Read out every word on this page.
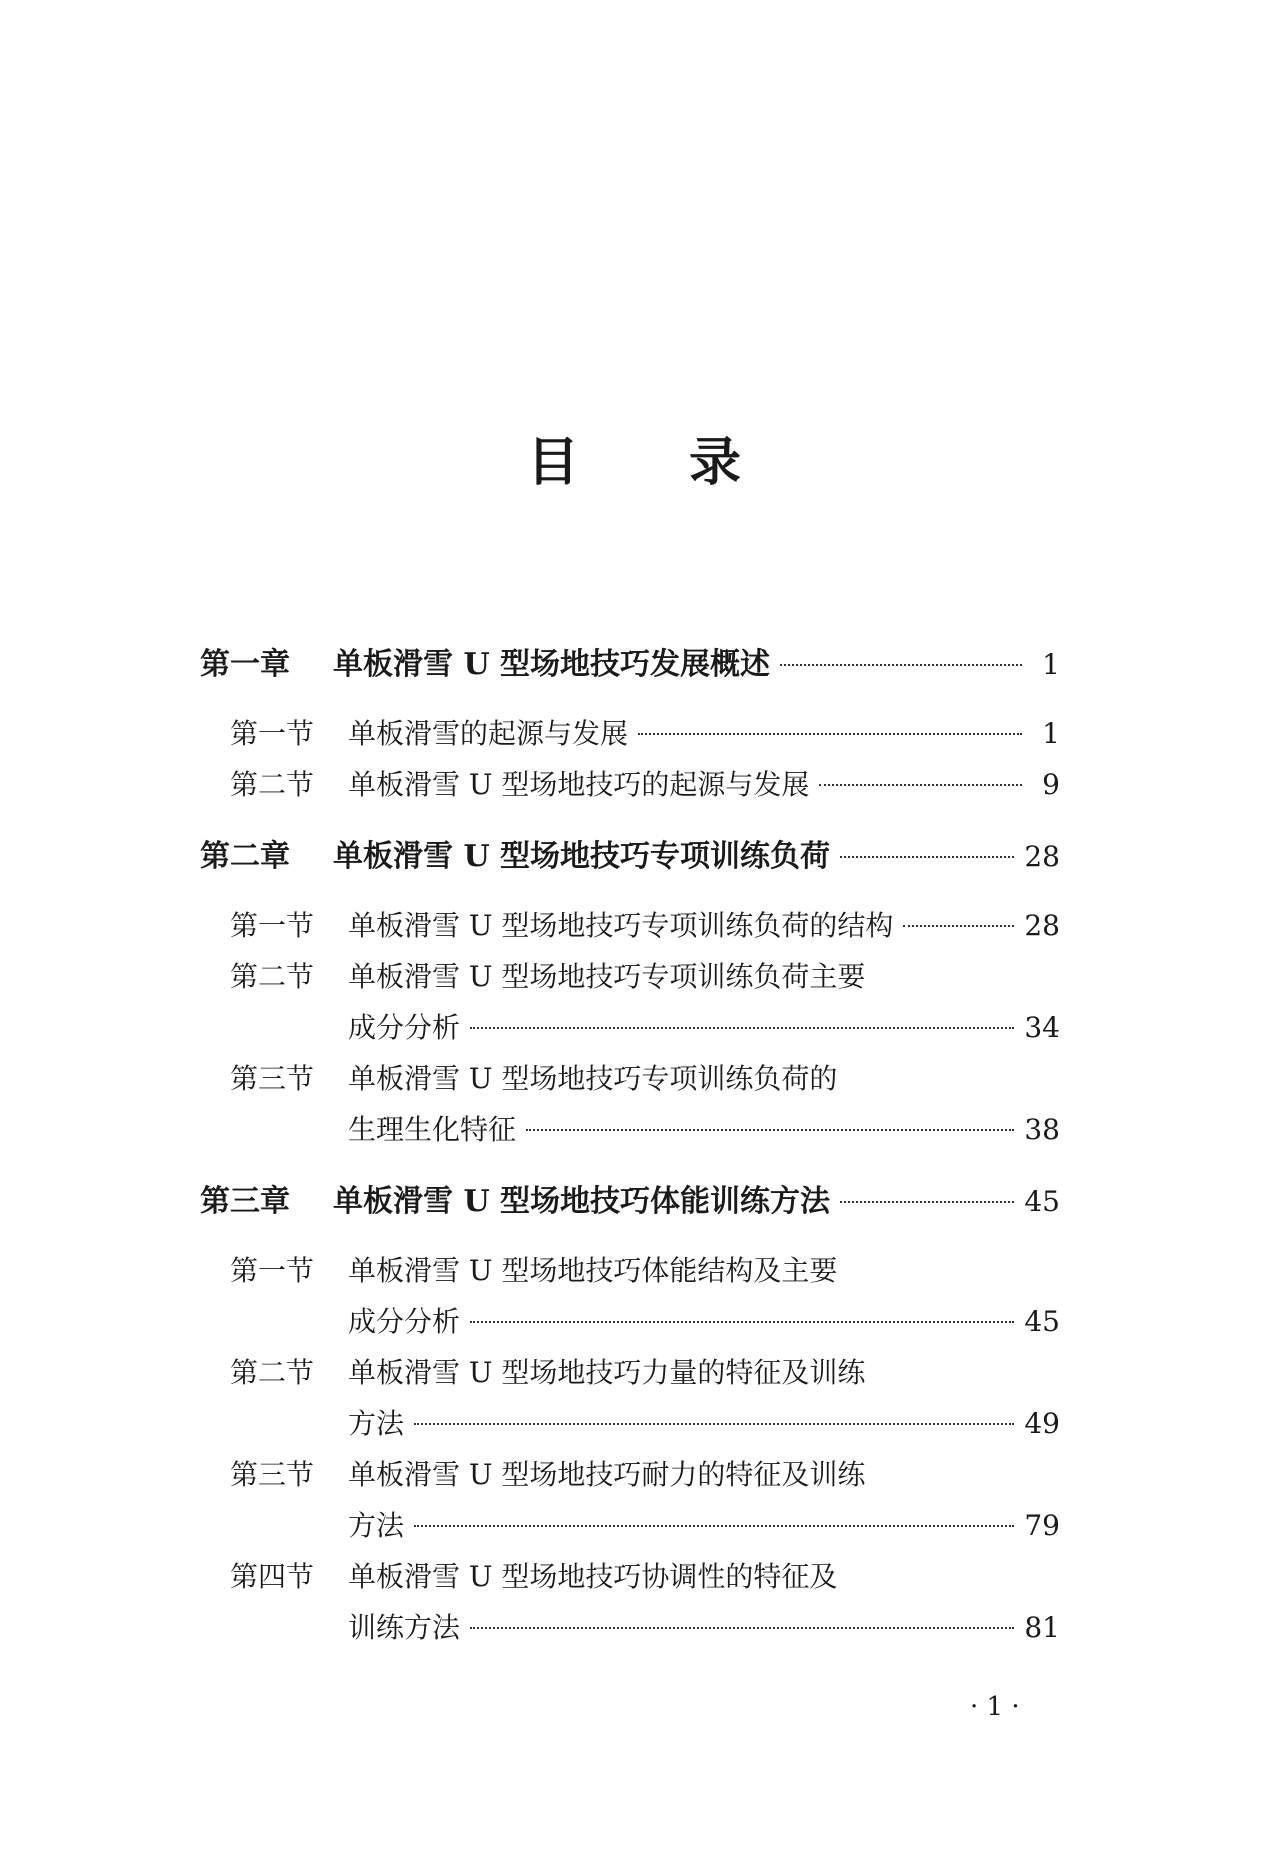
目 录
第一章	单板滑雪 U 型场地技巧发展概述	1
第一节	单板滑雪的起源与发展	1
第二节	单板滑雪 U 型场地技巧的起源与发展	9
第二章	单板滑雪 U 型场地技巧专项训练负荷	28
第一节	单板滑雪 U 型场地技巧专项训练负荷的结构	28
第二节	单板滑雪 U 型场地技巧专项训练负荷主要
成分分析	34
第三节	单板滑雪 U 型场地技巧专项训练负荷的
生理生化特征	38
第三章	单板滑雪 U 型场地技巧体能训练方法	45
第一节	单板滑雪 U 型场地技巧体能结构及主要
成分分析	45
第二节	单板滑雪 U 型场地技巧力量的特征及训练
方法	49
第三节	单板滑雪 U 型场地技巧耐力的特征及训练
方法	79
第四节	单板滑雪 U 型场地技巧协调性的特征及
训练方法	81
· 1 ·
